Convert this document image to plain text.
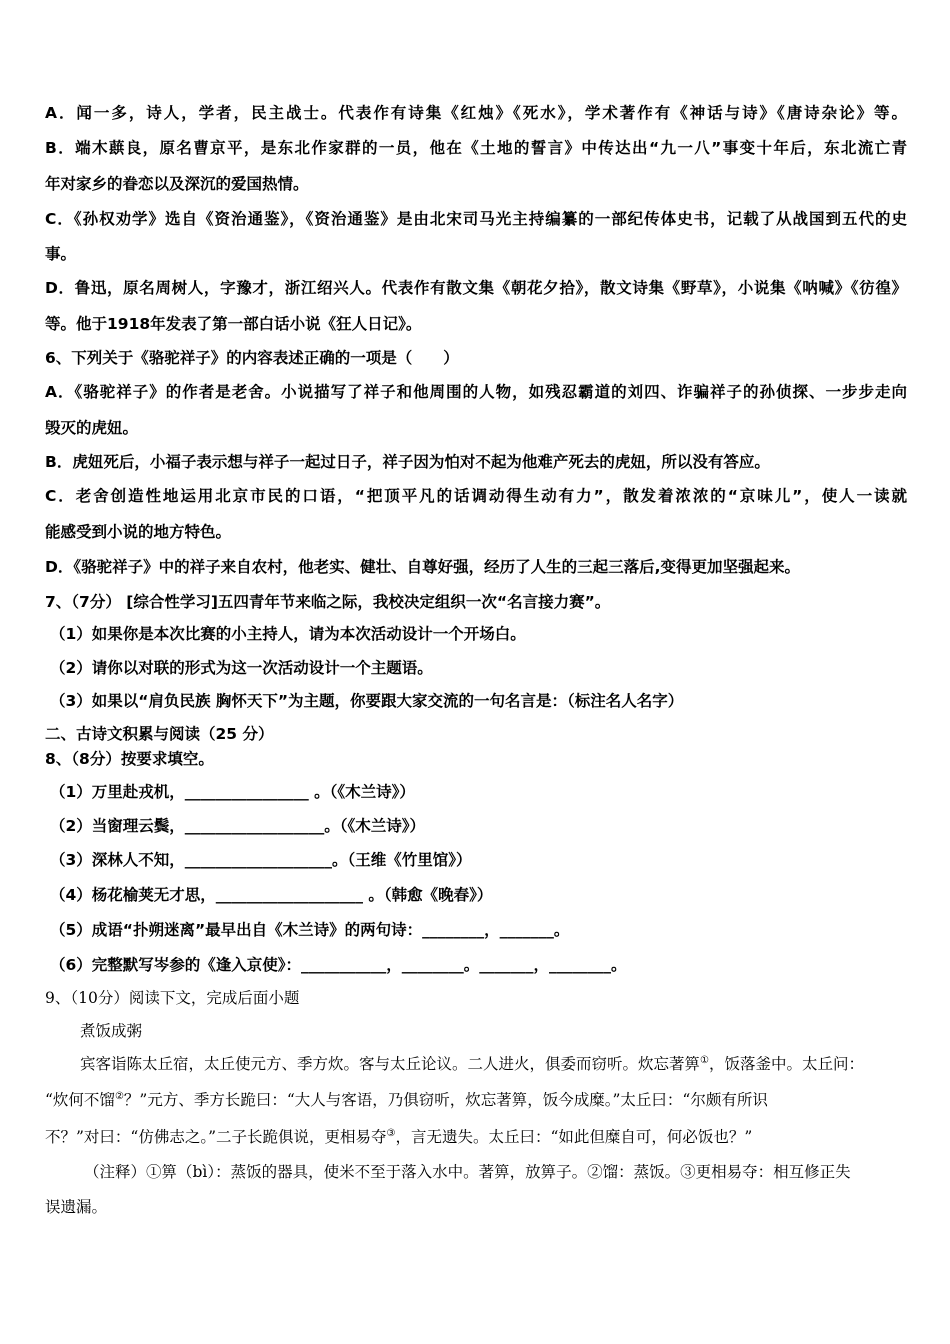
A．闻一多，诗人，学者，民主战士。代表作有诗集《红烛》《死水》，学术著作有《神话与诗》《唐诗杂论》等。
B．端木蕻良，原名曹京平，是东北作家群的一员，他在《土地的誓言》中传达出“九一八”事变十年后，东北流亡青
年对家乡的眷恋以及深沉的爱国热情。
C．《孙权劝学》选自《资治通鉴》，《资治通鉴》是由北宋司马光主持编纂的一部纪传体史书，记载了从战国到五代的史
事。
D．鲁迅，原名周树人，字豫才，浙江绍兴人。代表作有散文集《朝花夕拾》，散文诗集《野草》，小说集《呐喊》《彷徨》
等。他于1918年发表了第一部白话小说《狂人日记》。
6、下列关于《骆驼祥子》的内容表述正确的一项是（　　）
A．《骆驼祥子》的作者是老舍。小说描写了祥子和他周围的人物，如残忍霸道的刘四、诈骗祥子的孙侦探、一步步走向
毁灭的虎妞。
B．虎妞死后，小福子表示想与祥子一起过日子，祥子因为怕对不起为他难产死去的虎妞，所以没有答应。
C．老舍创造性地运用北京市民的口语，“把顶平凡的话调动得生动有力”，散发着浓浓的“京味儿”，使人一读就
能感受到小说的地方特色。
D．《骆驼祥子》中的祥子来自农村，他老实、健壮、自尊好强，经历了人生的三起三落后,变得更加坚强起来。
7、（7分） [综合性学习]五四青年节来临之际，我校决定组织一次“名言接力赛”。
（1）如果你是本次比赛的小主持人，请为本次活动设计一个开场白。
（2）请你以对联的形式为这一次活动设计一个主题语。
（3）如果以“肩负民族 胸怀天下”为主题，你要跟大家交流的一句名言是：（标注名人名字）
二、古诗文积累与阅读（25 分）
8、（8分）按要求填空。
（1）万里赴戎机，________________ 。（《木兰诗》）
（2）当窗理云鬓，__________________。（《木兰诗》）
（3）深林人不知，___________________。（王维《竹里馆》）
（4）杨花榆荚无才思，___________________ 。（韩愈《晚春》）
（5）成语“扑朔迷离”最早出自《木兰诗》的两句诗：________，_______。
（6）完整默写岑参的《逢入京使》：___________，________。_______，________。
9、（10分）阅读下文，完成后面小题
煮饭成粥
宾客诣陈太丘宿，太丘使元方、季方炊。客与太丘论议。二人进火，俱委而窃听。炊忘著箅①，饭落釜中。太丘问：
“炊何不馏②？”元方、季方长跪曰：“大人与客语，乃俱窃听，炊忘著箅，饭今成糜。”太丘曰：“尔颇有所识
不？”对曰：“仿佛志之。”二子长跪俱说，更相易夺③，言无遗失。太丘曰：“如此但糜自可，何必饭也？”
（注释）①箅（bì）：蒸饭的器具，使米不至于落入水中。著箅，放箅子。②馏：蒸饭。③更相易夺：相互修正失
误遗漏。
